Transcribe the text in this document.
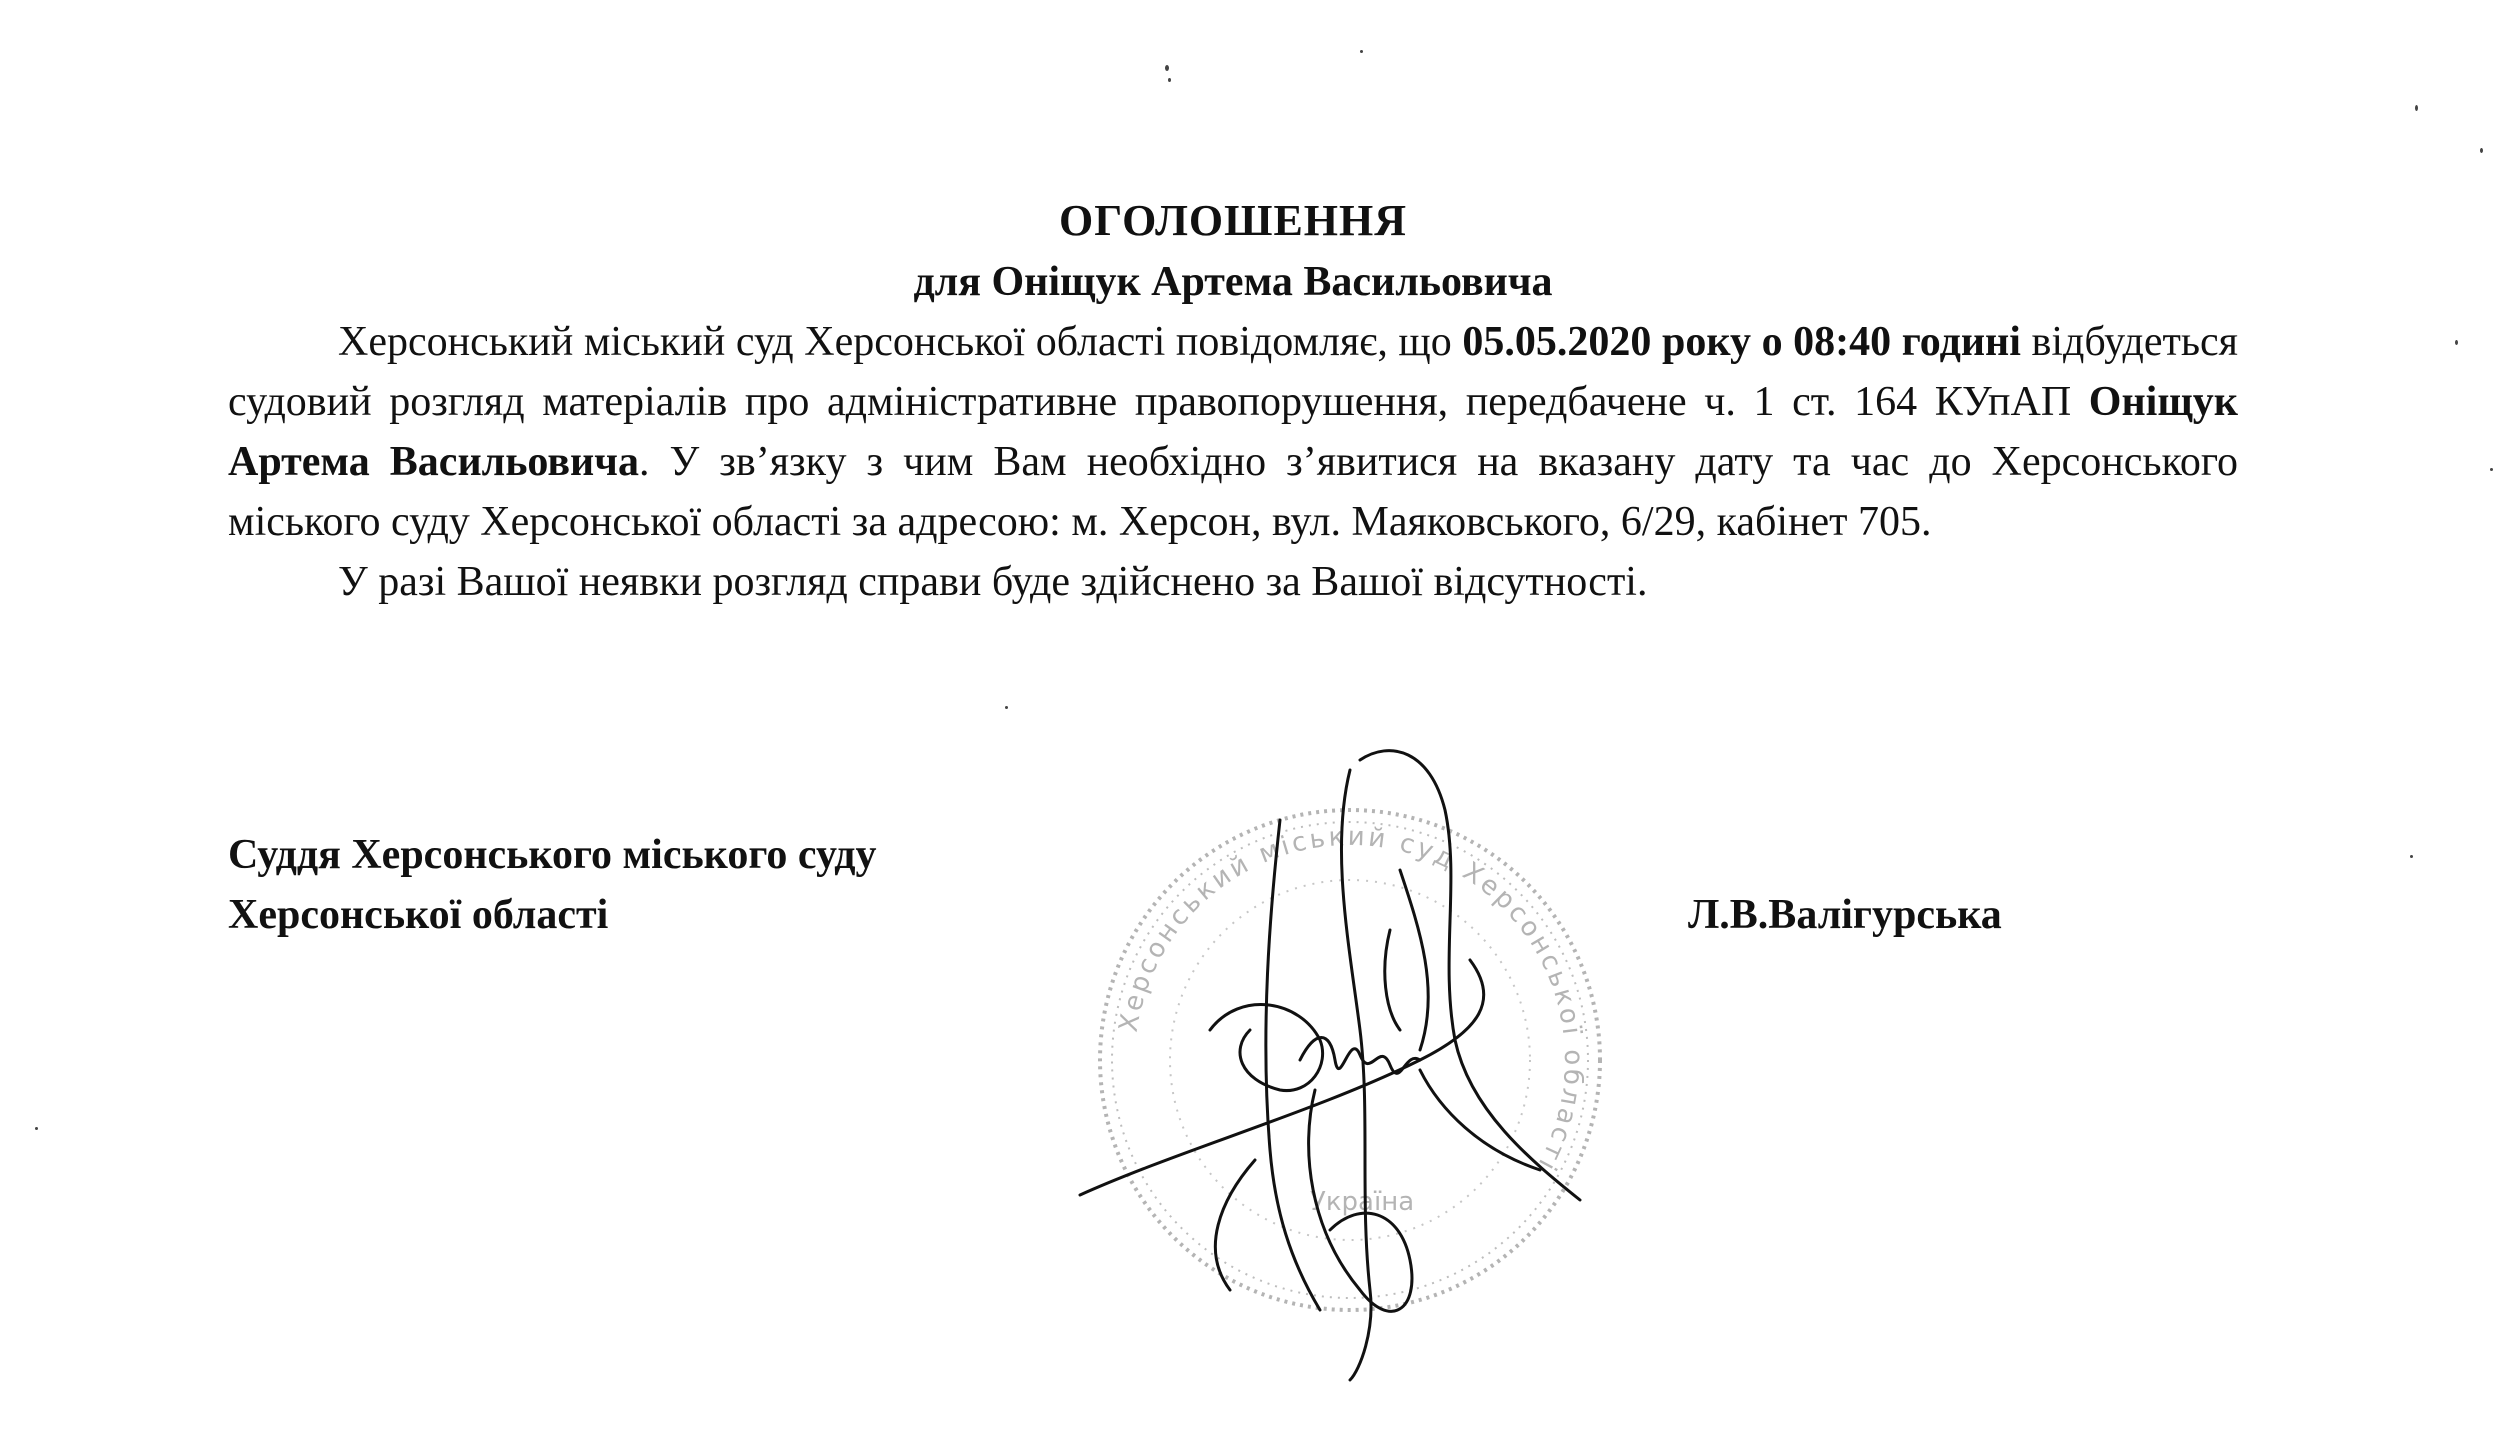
ОГОЛОШЕННЯ

для Оніщук Артема Васильовича

Херсонський міський суд Херсонської області повідомляє, що 05.05.2020 року о 08:40 годині відбудеться судовий розгляд матеріалів про адміністративне правопорушення, передбачене ч. 1 ст. 164 КУпАП Оніщук Артема Васильовича. У зв’язку з чим Вам необхідно з’явитися на вказану дату та час до Херсонського міського суду Херсонської області за адресою: м. Херсон, вул. Маяковського, 6/29, кабінет 705.

У разі Вашої неявки розгляд справи буде здійснено за Вашої відсутності.

Суддя Херсонського міського суду
Херсонської області	Л.В.Валігурська
Херсонський міський суд Херсонської області
Україна
